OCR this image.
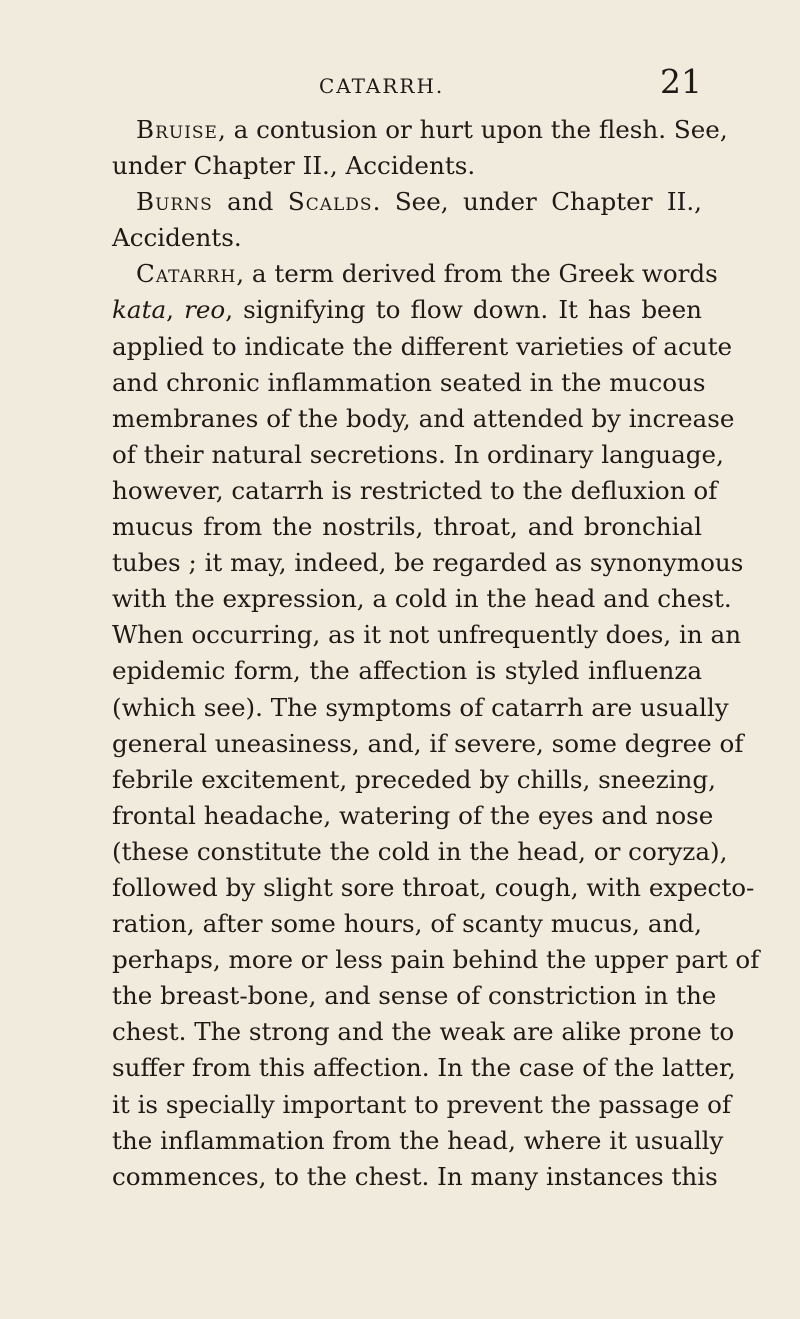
CATARRH.	21
Bruise, a contusion or hurt upon the flesh. See,
under Chapter II., Accidents.
Burns and Scalds. See, under Chapter II.,
Accidents.
Catarrh, a term derived from the Greek words
kata, reo, signifying to flow down. It has been
applied to indicate the different varieties of acute
and chronic inflammation seated in the mucous
membranes of the body, and attended by increase
of their natural secretions. In ordinary language,
however, catarrh is restricted to the defluxion of
mucus from the nostrils, throat, and bronchial
tubes ; it may, indeed, be regarded as synonymous
with the expression, a cold in the head and chest.
When occurring, as it not unfrequently does, in an
epidemic form, the affection is styled influenza
(which see). The symptoms of catarrh are usually
general uneasiness, and, if severe, some degree of
febrile excitement, preceded by chills, sneezing,
frontal headache, watering of the eyes and nose
(these constitute the cold in the head, or coryza),
followed by slight sore throat, cough, with expecto-
ration, after some hours, of scanty mucus, and,
perhaps, more or less pain behind the upper part of
the breast-bone, and sense of constriction in the
chest. The strong and the weak are alike prone to
suffer from this affection. In the case of the latter,
it is specially important to prevent the passage of
the inflammation from the head, where it usually
commences, to the chest. In many instances this
